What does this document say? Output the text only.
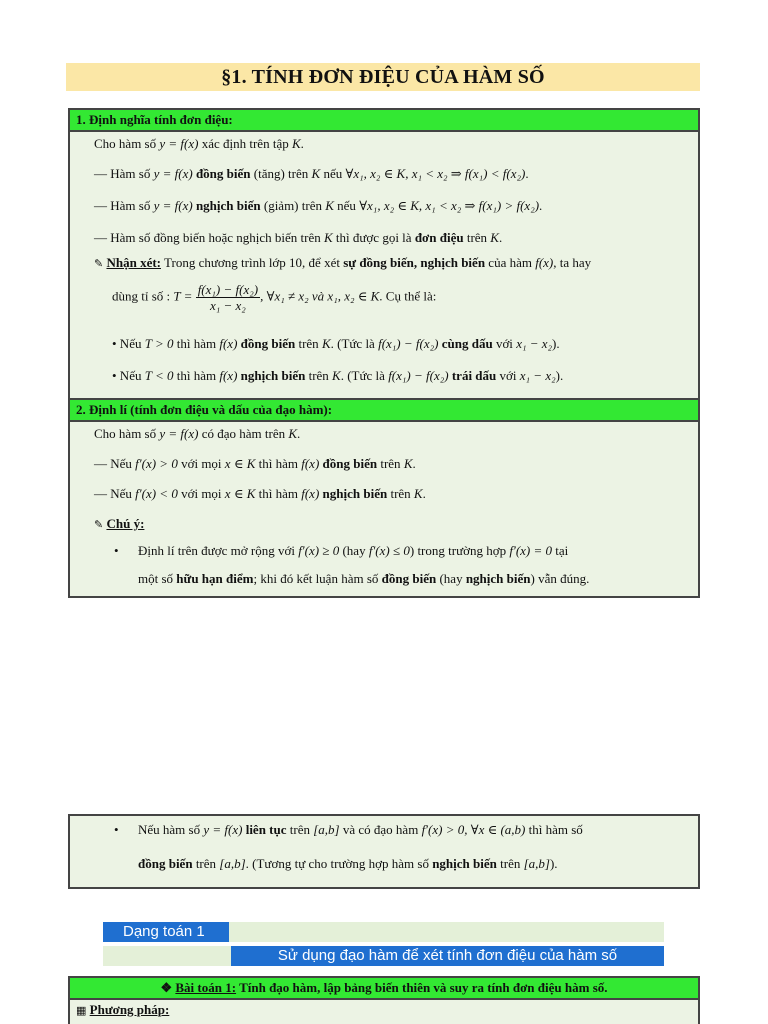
§1. TÍNH ĐƠN ĐIỆU CỦA HÀM SỐ
1. Định nghĩa tính đơn điệu:
Cho hàm số y = f(x) xác định trên tập K.
— Hàm số y = f(x) đồng biến (tăng) trên K nếu ∀x₁, x₂ ∈ K, x₁ < x₂ ⇒ f(x₁) < f(x₂).
— Hàm số y = f(x) nghịch biến (giảm) trên K nếu ∀x₁, x₂ ∈ K, x₁ < x₂ ⇒ f(x₁) > f(x₂).
— Hàm số đồng biến hoặc nghịch biến trên K thì được gọi là đơn điệu trên K.
✎ Nhận xét: Trong chương trình lớp 10, để xét sự đồng biến, nghịch biến của hàm f(x), ta hay
dùng tỉ số : $T = \frac{\text{f(x₁) − f(x₂)}}{\text{x₁ − x₂}}$ , ∀x₁ ≠ x₂ và x₁, x₂ ∈ K. Cụ thể là:
• Nếu T > 0 thì hàm f(x) đồng biến trên K. (Tức là f(x₁) − f(x₂) cùng dấu với x₁ − x₂).
• Nếu T < 0 thì hàm f(x) nghịch biến trên K. (Tức là f(x₁) − f(x₂) trái dấu với x₁ − x₂).
2. Định lí (tính đơn điệu và dấu của đạo hàm):
Cho hàm số y = f(x) có đạo hàm trên K.
— Nếu f′(x) > 0 với mọi x ∈ K thì hàm f(x) đồng biến trên K.
— Nếu f′(x) < 0 với mọi x ∈ K thì hàm f(x) nghịch biến trên K.
✎ Chú ý:
• Định lí trên được mở rộng với f′(x) ≥ 0 (hay f′(x) ≤ 0) trong trường hợp f′(x) = 0 tại
một số hữu hạn điểm; khi đó kết luận hàm số đồng biến (hay nghịch biến) vẫn đúng.
• Nếu hàm số y = f(x) liên tục trên [a,b] và có đạo hàm f′(x) > 0, ∀x ∈ (a,b) thì hàm số
đồng biến trên [a,b]. (Tương tự cho trường hợp hàm số nghịch biến trên [a,b]).
Dạng toán 1
Sử dụng đạo hàm để xét tính đơn điệu của hàm số
❖ Bài toán 1: Tính đạo hàm, lập bảng biến thiên và suy ra tính đơn điệu hàm số.
▦ Phương pháp:
